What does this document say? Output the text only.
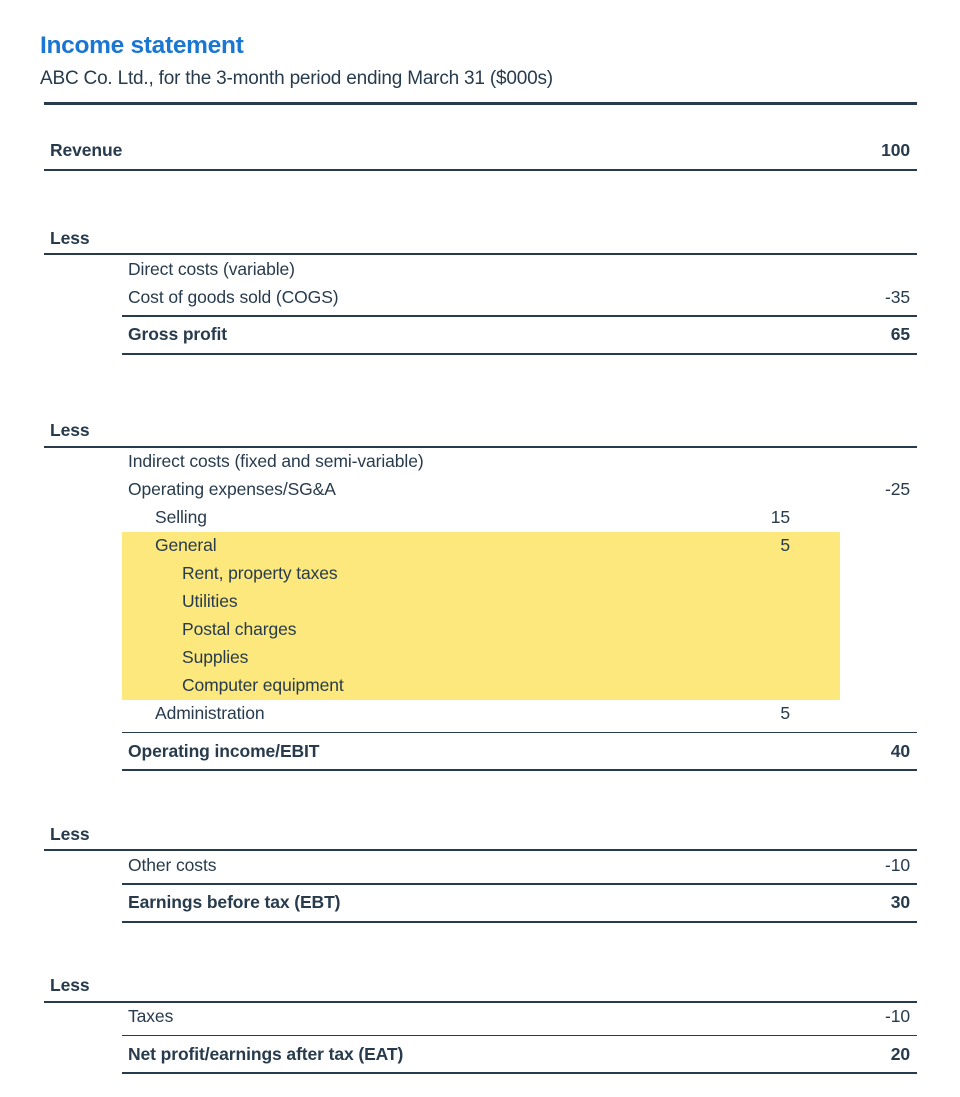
Income statement
ABC Co. Ltd., for the 3-month period ending March 31 ($000s)
Revenue	100
Less
Direct costs (variable)
Cost of goods sold (COGS)	-35
Gross profit	65
Less
Indirect costs (fixed and semi-variable)
Operating expenses/SG&A	-25
Selling	15
General	5
Rent, property taxes
Utilities
Postal charges
Supplies
Computer equipment
Administration	5
Operating income/EBIT	40
Less
Other costs	-10
Earnings before tax (EBT)	30
Less
Taxes	-10
Net profit/earnings after tax (EAT)	20
